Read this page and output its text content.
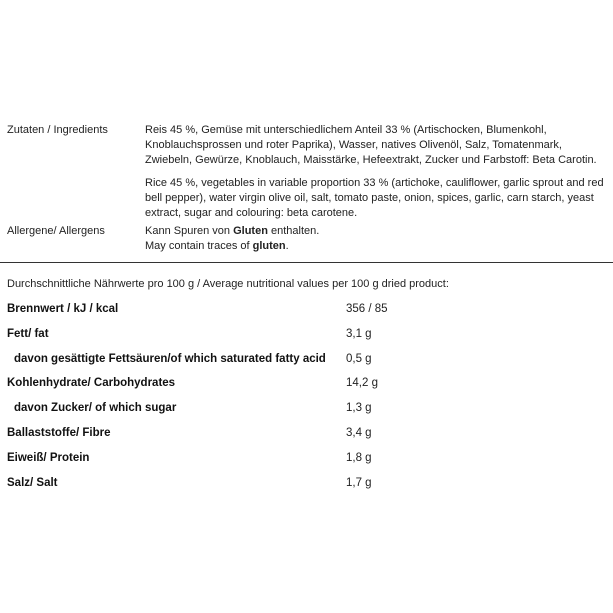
Zutaten / Ingredients	Reis 45 %, Gemüse mit unterschiedlichem Anteil 33 % (Artischocken, Blumenkohl, Knoblauchsprossen und roter Paprika), Wasser, natives Olivenöl, Salz, Tomatenmark, Zwiebeln, Gewürze, Knoblauch, Maisstärke, Hefeextrakt, Zucker und Farbstoff: Beta Carotin.

Rice 45 %, vegetables in variable proportion 33 % (artichoke, cauliflower, garlic sprout and red bell pepper), water virgin olive oil, salt, tomato paste, onion, spices, garlic, carn starch, yeast extract, sugar and colouring: beta carotene.

Allergene/ Allergens	Kann Spuren von Gluten enthalten.
May contain traces of gluten.
Durchschnittliche Nährwerte pro 100 g / Average nutritional values per 100 g dried product:
Brennwert / kJ / kcal	356 / 85
Fett/ fat	3,1 g
davon gesättigte Fettsäuren/of which saturated fatty acid 0,5 g
Kohlenhydrate/ Carbohydrates	14,2 g
davon Zucker/ of which sugar	1,3 g
Ballaststoffe/ Fibre	3,4 g
Eiweiß/ Protein	1,8 g
Salz/ Salt	1,7 g
